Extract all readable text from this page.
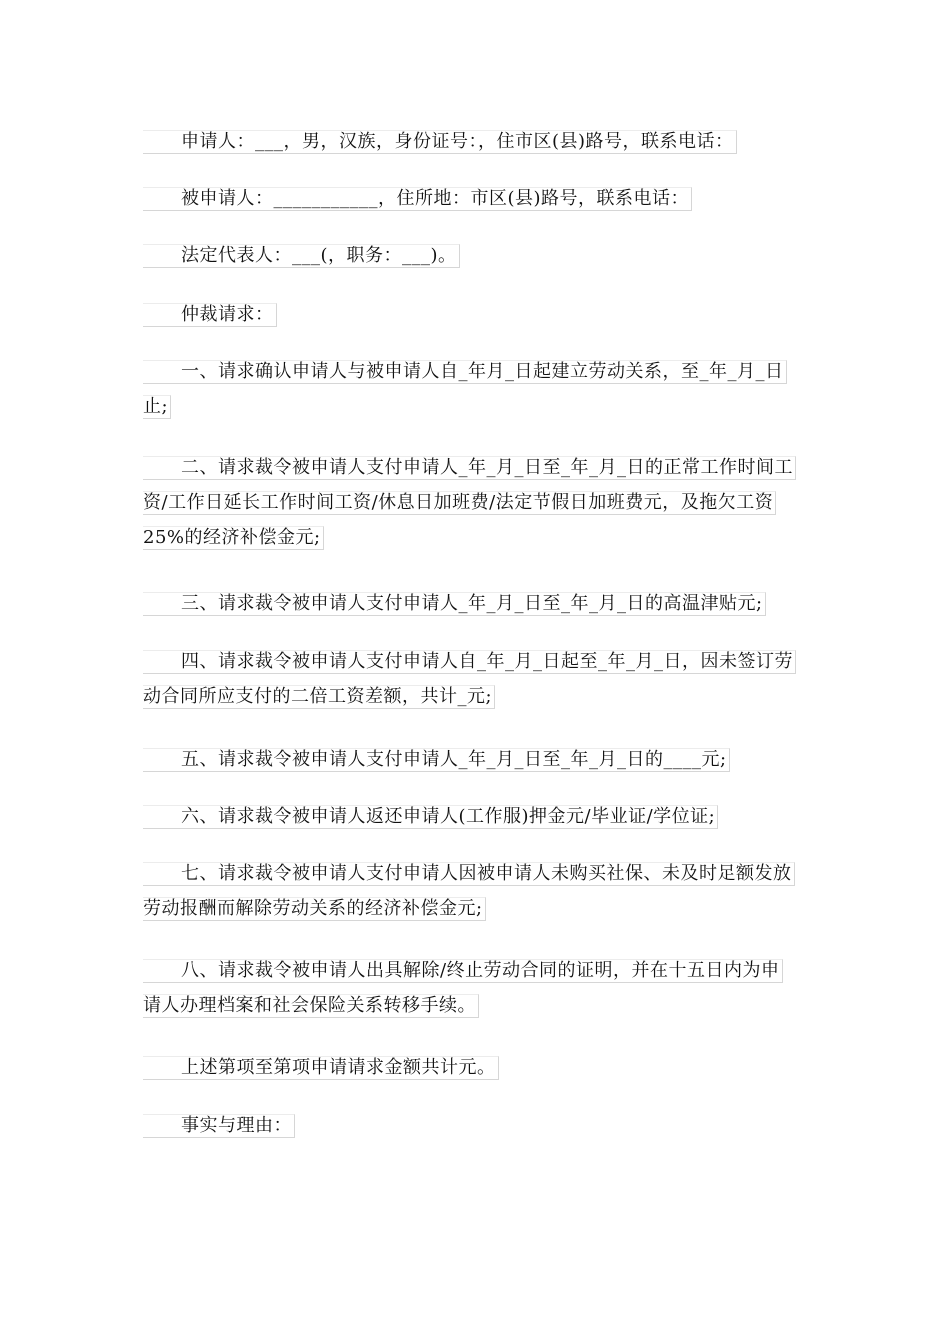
申请人：___，男，汉族，身份证号：，住市区(县)路号，联系电话：
被申请人：___________，住所地：市区(县)路号，联系电话：
法定代表人：___(，职务：___)。
仲裁请求：
一、请求确认申请人与被申请人自_年月_日起建立劳动关系，至_年_月_日
止;
二、请求裁令被申请人支付申请人_年_月_日至_年_月_日的正常工作时间工
资/工作日延长工作时间工资/休息日加班费/法定节假日加班费元，及拖欠工资
25%的经济补偿金元;
三、请求裁令被申请人支付申请人_年_月_日至_年_月_日的高温津贴元;
四、请求裁令被申请人支付申请人自_年_月_日起至_年_月_日，因未签订劳
动合同所应支付的二倍工资差额，共计_元;
五、请求裁令被申请人支付申请人_年_月_日至_年_月_日的____元;
六、请求裁令被申请人返还申请人(工作服)押金元/毕业证/学位证;
七、请求裁令被申请人支付申请人因被申请人未购买社保、未及时足额发放
劳动报酬而解除劳动关系的经济补偿金元;
八、请求裁令被申请人出具解除/终止劳动合同的证明，并在十五日内为申
请人办理档案和社会保险关系转移手续。
上述第项至第项申请请求金额共计元。
事实与理由：
